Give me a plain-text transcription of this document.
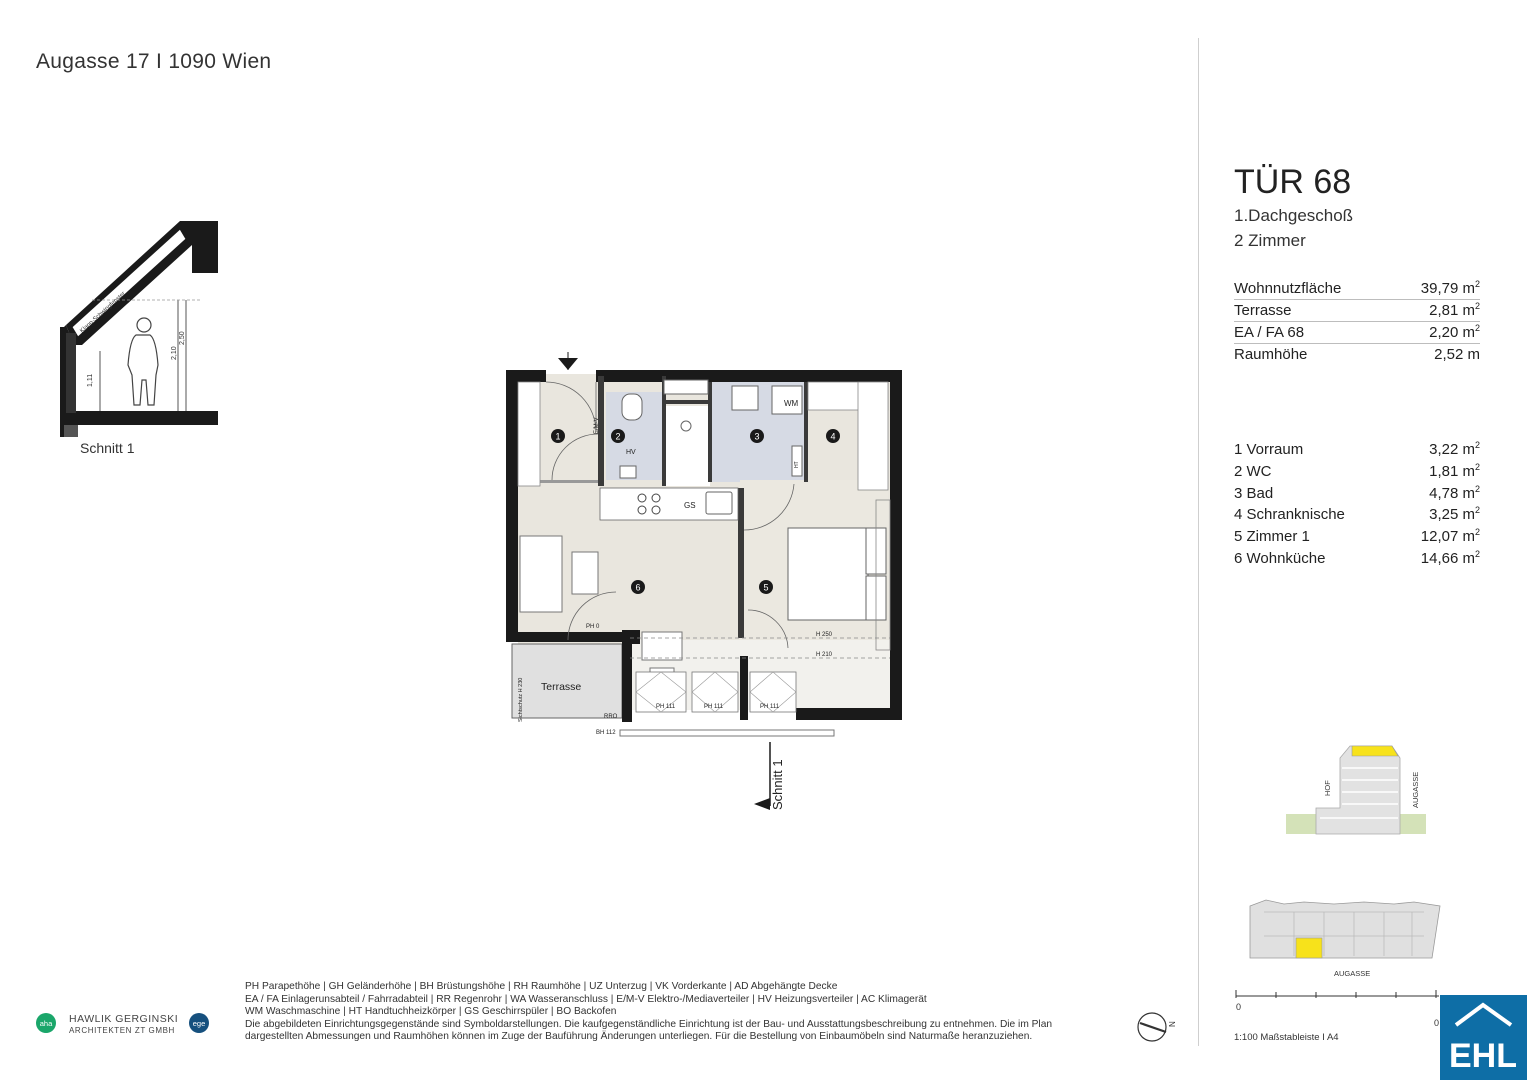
Augasse 17 I 1090 Wien
1,11
2,10
2,50
Klapp-Schwingfenster
Schnitt 1
1	2	3	4
5
6
WM
GS
HV
E/M-V
HT
PH 0
H 250
H 210
PH 111	PH 111	PH 111
RRO
BH 112
Terrasse
Sichtschutz H 230
Schnitt 1
TÜR 68
1.Dachgeschoß
2 Zimmer
Wohnnutzfläche	39,79 $m^2$
Terrasse	2,81 $m^2$
EA / FA 68	2,20 $m^2$
Raumhöhe	2,52 m
1 Vorraum	3,22 $m^2$
2 WC	1,81 $m^2$
3 Bad	4,78 $m^2$
4 Schranknische	3,25 $m^2$
5 Zimmer 1	12,07 $m^2$
6 Wohnküche	14,66 $m^2$
HOF	AUGASSE
AUGASSE
0
0
1:100 Maßstableiste I A4	EHL
N
PH Parapethöhe | GH Geländerhöhe | BH Brüstungshöhe | RH Raumhöhe | UZ Unterzug | VK Vorderkante | AD Abgehängte Decke
EA / FA Einlagerunsabteil / Fahrradabteil | RR Regenrohr | WA Wasseranschluss | E/M-V Elektro-/Mediaverteiler | HV Heizungsverteiler | AC Klimagerät
WM Waschmaschine | HT Handtuchheizkörper | GS Geschirrspüler | BO Backofen
Die abgebildeten Einrichtungsgegenstände sind Symboldarstellungen. Die kaufgegenständliche Einrichtung ist der Bau- und Ausstattungsbeschreibung zu entnehmen. Die im Plan
dargestellten Abmessungen und Raumhöhen können im Zuge der Bauführung Änderungen unterliegen. Für die Bestellung von Einbaumöbeln sind Naturmaße heranzuziehen.
aha HAWLIK GERGINSKI
ARCHITEKTEN ZT GMBH
ege
